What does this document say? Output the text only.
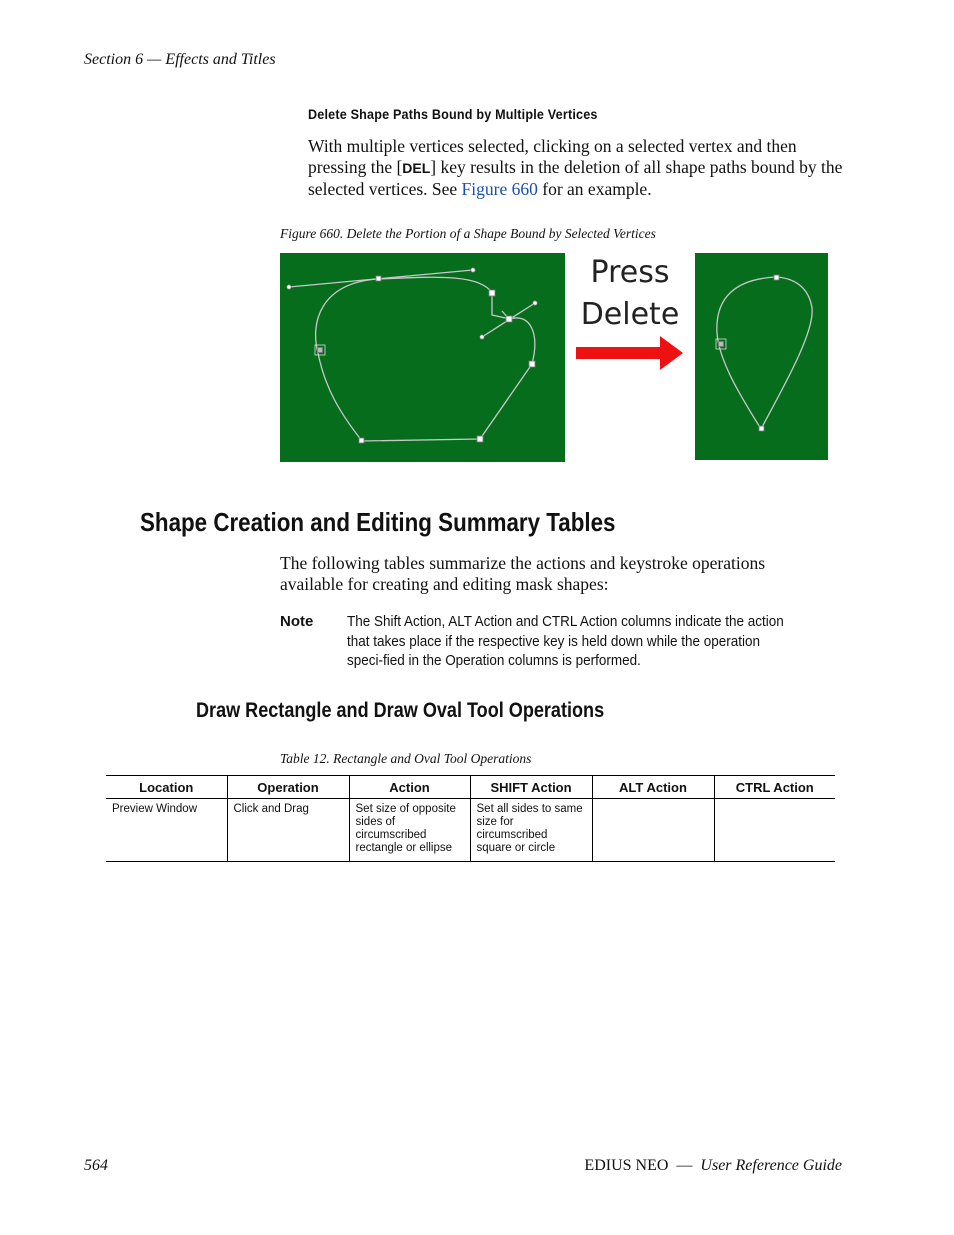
Section 6 — Effects and Titles
Delete Shape Paths Bound by Multiple Vertices
With multiple vertices selected, clicking on a selected vertex and then pressing the [DEL] key results in the deletion of all shape paths bound by the selected vertices. See Figure 660 for an example.
Figure 660. Delete the Portion of a Shape Bound by Selected Vertices
Press
Delete
Shape Creation and Editing Summary Tables
The following tables summarize the actions and keystroke operations available for creating and editing mask shapes:
Note The Shift Action, ALT Action and CTRL Action columns indicate the action that takes place if the respective key is held down while the operation speci-fied in the Operation columns is performed.
Draw Rectangle and Draw Oval Tool Operations
Table 12. Rectangle and Oval Tool Operations
Location	Operation	Action	SHIFT Action	ALT Action	CTRL Action
Preview Window	Click and Drag	Set size of opposite sides of circumscribed rectangle or ellipse	Set all sides to same size for circumscribed square or circle		
564	EDIUS NEO — User Reference Guide
